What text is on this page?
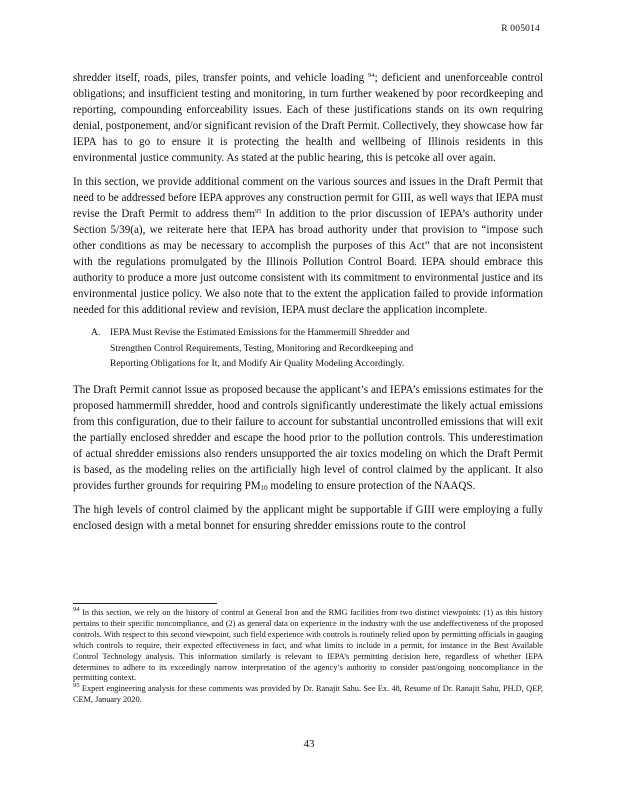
R 005014

shredder itself, roads, piles, transfer points, and vehicle loading $^{94}$; deficient and unenforceable control obligations; and insufficient testing and monitoring, in turn further weakened by poor recordkeeping and reporting, compounding enforceability issues. Each of these justifications stands on its own requiring denial, postponement, and/or significant revision of the Draft Permit. Collectively, they showcase how far IEPA has to go to ensure it is protecting the health and wellbeing of Illinois residents in this environmental justice community. As stated at the public hearing, this is petcoke all over again.

In this section, we provide additional comment on the various sources and issues in the Draft Permit that need to be addressed before IEPA approves any construction permit for GIII, as well ways that IEPA must revise the Draft Permit to address them$^{95}$ In addition to the prior discussion of IEPA’s authority under Section 5/39(a), we reiterate here that IEPA has broad authority under that provision to “impose such other conditions as may be necessary to accomplish the purposes of this Act” that are not inconsistent with the regulations promulgated by the Illinois Pollution Control Board. IEPA should embrace this authority to produce a more just outcome consistent with its commitment to environmental justice and its environmental justice policy. We also note that to the extent the application failed to provide information needed for this additional review and revision, IEPA must declare the application incomplete.

A.	IEPA Must Revise the Estimated Emissions for the Hammermill Shredder and Strengthen Control Requirements, Testing, Monitoring and Recordkeeping and Reporting Obligations for It, and Modify Air Quality Modeling Accordingly.

The Draft Permit cannot issue as proposed because the applicant’s and IEPA’s emissions estimates for the proposed hammermill shredder, hood and controls significantly underestimate the likely actual emissions from this configuration, due to their failure to account for substantial uncontrolled emissions that will exit the partially enclosed shredder and escape the hood prior to the pollution controls. This underestimation of actual shredder emissions also renders unsupported the air toxics modeling on which the Draft Permit is based, as the modeling relies on the artificially high level of control claimed by the applicant. It also provides further grounds for requiring $PM_{10}$ modeling to ensure protection of the NAAQS.

The high levels of control claimed by the applicant might be supportable if GIII were employing a fully enclosed design with a metal bonnet for ensuring shredder emissions route to the control

$^{94}$ In this section, we rely on the history of control at General Iron and the RMG facilities from two distinct viewpoints: (1) as this history pertains to their specific noncompliance, and (2) as general data on experience in the industry with the use andeffectiveness of the proposed controls. With respect to this second viewpoint, such field experience with controls is routinely relied upon by permitting officials in gauging which controls to require, their expected effectiveness in fact, and what limits to include in a permit, for instance in the Best Available Control Technology analysis. This information similarly is relevant to IEPA’s permitting decision here, regardless of whether IEPA determines to adhere to its exceedingly narrow interpretation of the agency’s authority to consider past/ongoing noncompliance in the permitting context.

$^{95}$ Expert engineering analysis for these comments was provided by Dr. Ranajit Sahu. See Ex. 48, Resume of Dr. Ranajit Sahu, PH.D, QEP, CEM, January 2020.

43
